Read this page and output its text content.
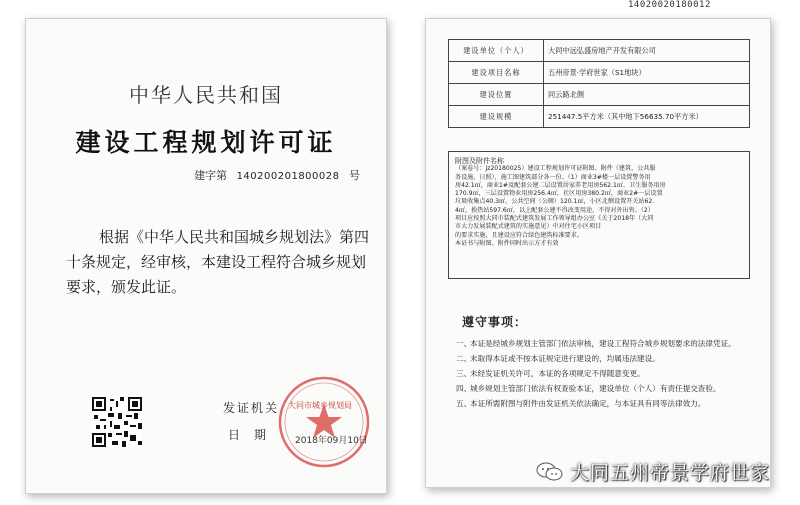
中华人民共和国
建设工程规划许可证
建字第 140200201800028 号
根据《中华人民共和国城乡规划法》第四十条规定，经审核，本建设工程符合城乡规划要求，颁发此证。
发证机关
日期
大同市城乡规划局
2018年09月10日
14020020180012
建设单位（个人）	大同中远弘盛房地产开发有限公司
建设项目名称	五州帝景·学府世家（S1地块）
建设位置	同云路北侧
建设规模	251447.5平方米（其中地下56635.70平方米）
附图及附件名称
（案卷号：jz20180025）建设工程规划许可证附图、附件（建筑、公共服
务设施、日照），施工图建筑部分各一份。（1）商业3#楼一层设置警务用
房42.1㎡，商业1#及配套公建二层设置居家养老用房562.1㎡，卫生服务用房
170.9㎡，三层设置物业用房256.4㎡，社区用房380.2㎡，商业2#一层设置
垃圾收集点40.3㎡，公共空间（公厕）120.1㎡，小区北侧设置开关站62.
4㎡，换热站597.6㎡，以上配套公建不得改变用途，不得对外出售。（2）
项目应按照大同市装配式建筑发展工作领导组办公室《关于2018年（大同
市大力发展装配式建筑的实施意见）中对住宅小区项目
的要求实施，且建设应符合绿色建筑标准要求。
本证书与附图、附件同时出示方才有效
遵守事项：
一、
本证是经城乡规划主管部门依法审核，建设工程符合城乡规划要求的法律凭证。
二、
未取得本证或不按本证规定进行建设的，均属违法建设。
三、
未经发证机关许可，本证的各项规定不得随意变更。
四、
城乡规划主管部门依法有权查验本证，建设单位（个人）有责任提交查验。
五、
本证所需附图与附件由发证机关依法确定，与本证具有同等法律效力。
大同五州帝景学府世家
